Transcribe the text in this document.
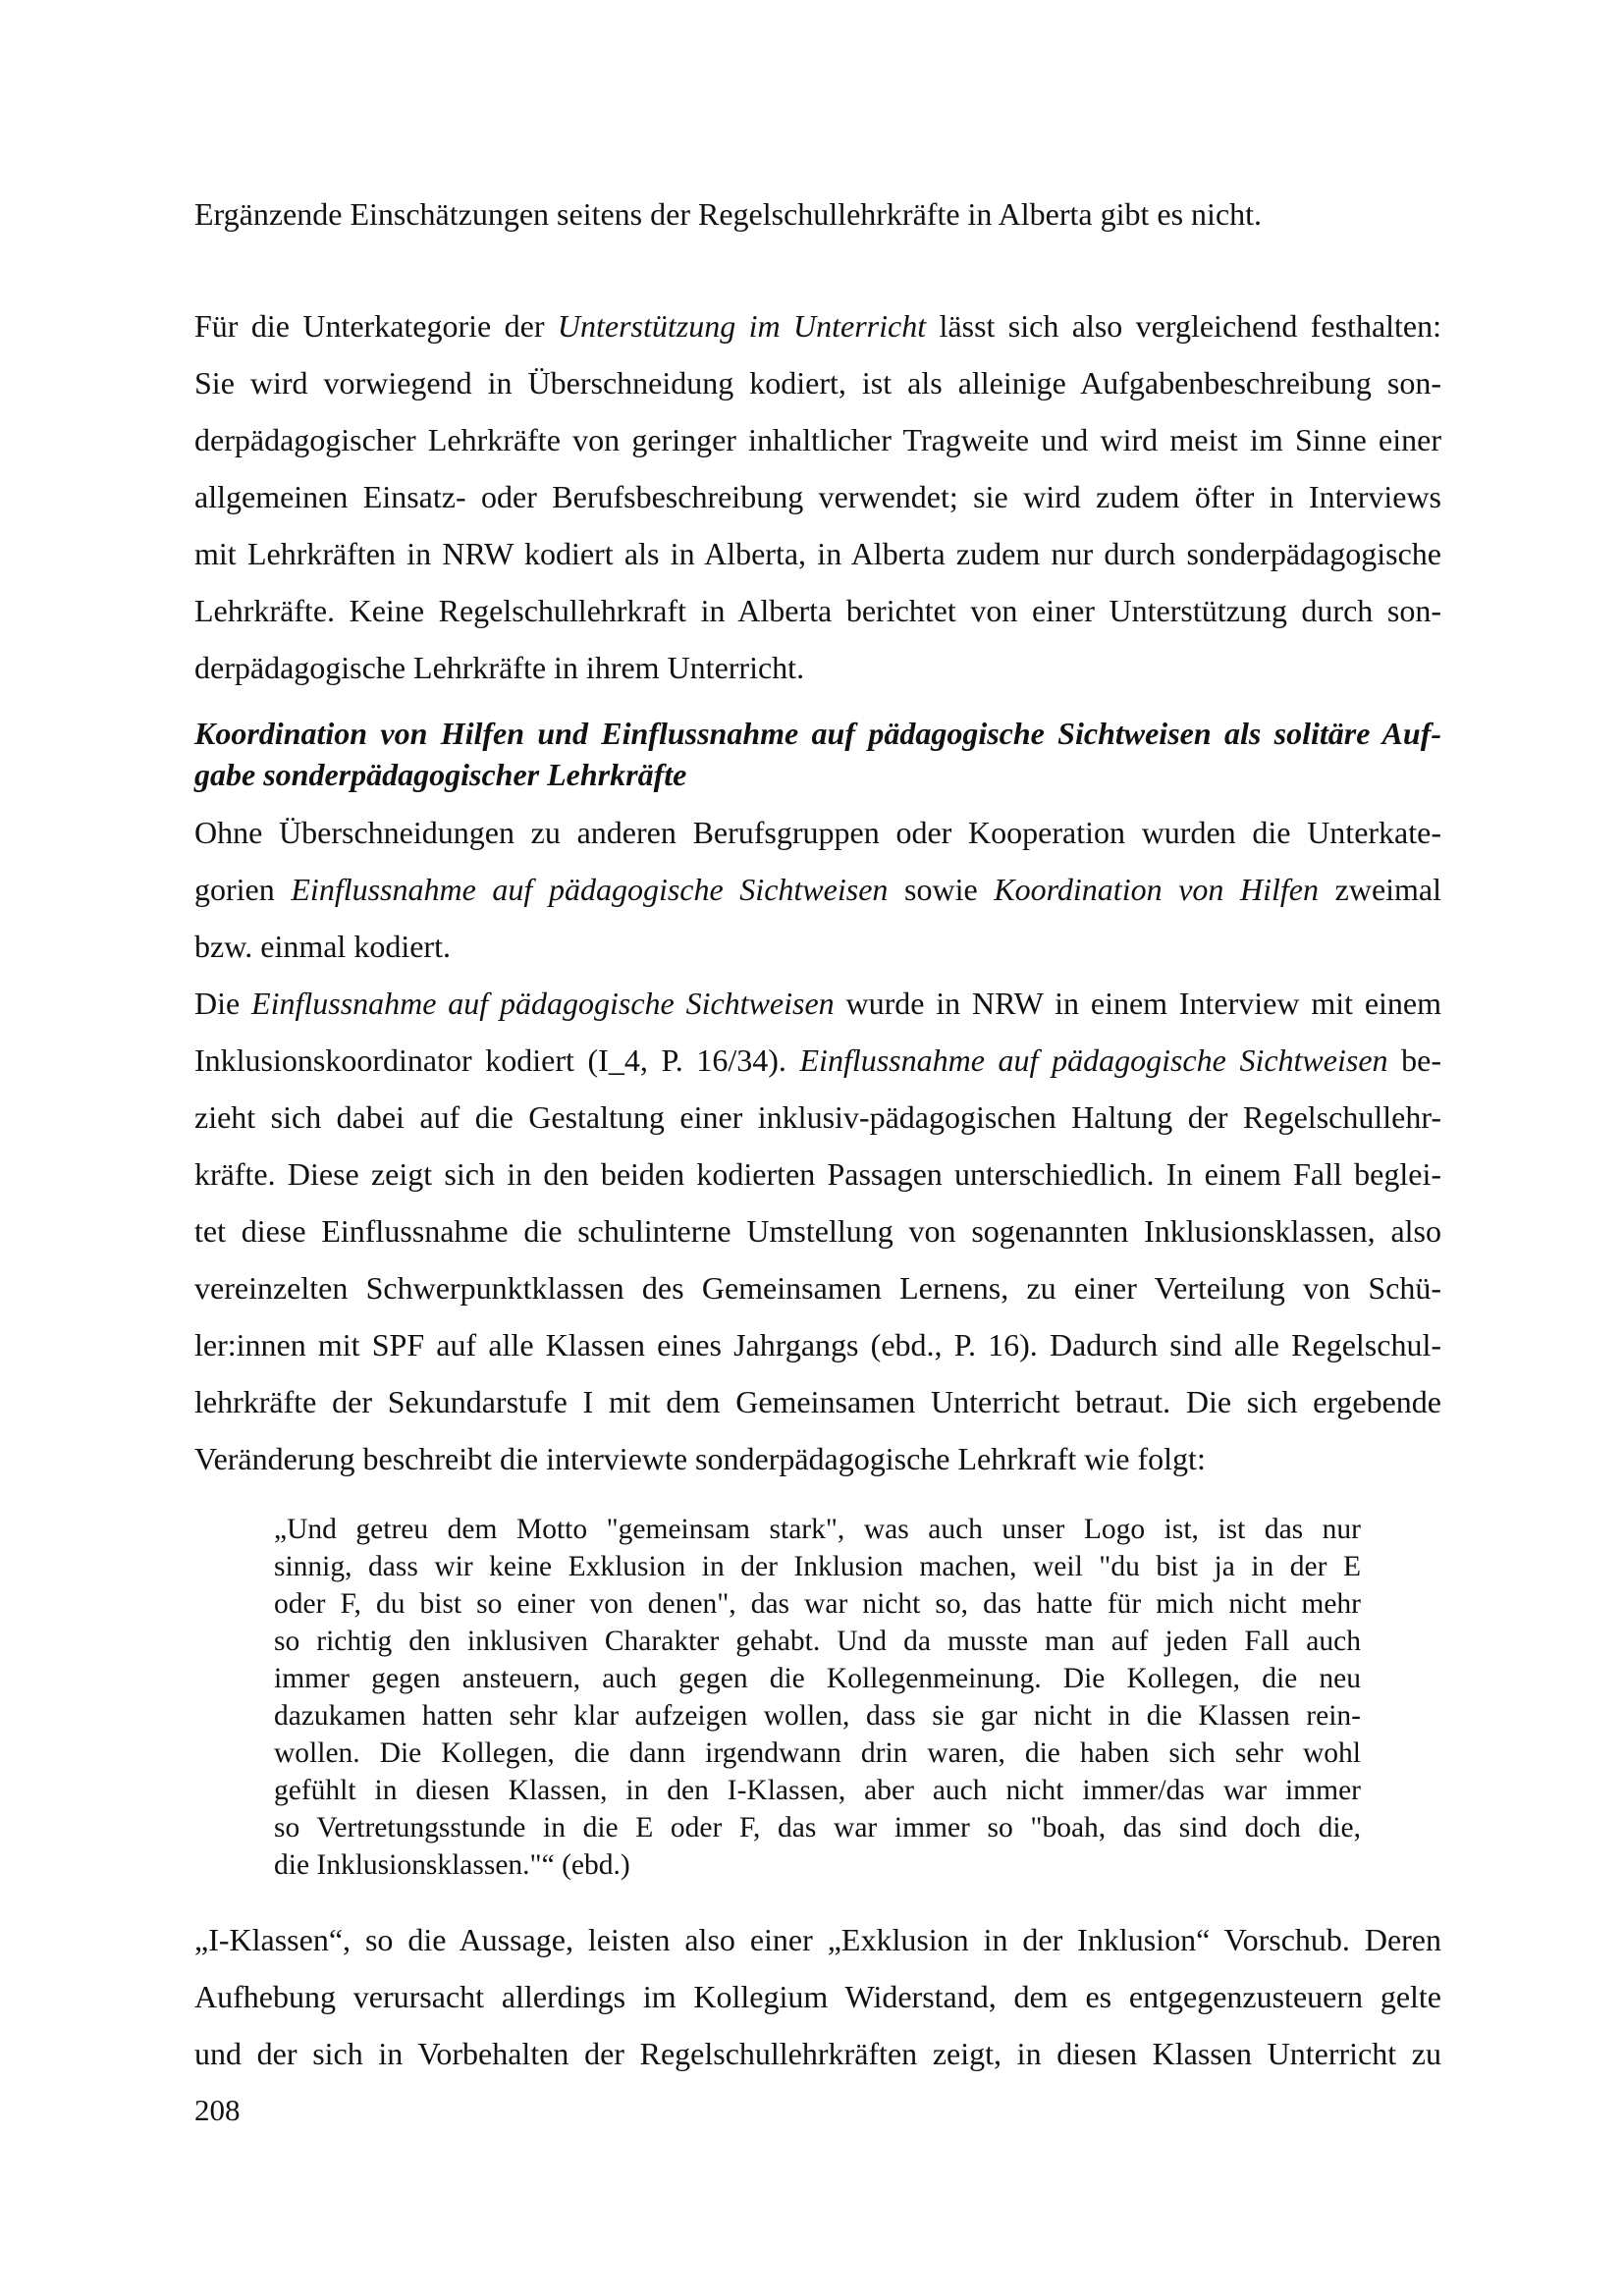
Ergänzende Einschätzungen seitens der Regelschullehrkräfte in Alberta gibt es nicht.
Für die Unterkategorie der Unterstützung im Unterricht lässt sich also vergleichend festhalten:
Sie wird vorwiegend in Überschneidung kodiert, ist als alleinige Aufgabenbeschreibung son-
derpädagogischer Lehrkräfte von geringer inhaltlicher Tragweite und wird meist im Sinne einer
allgemeinen Einsatz- oder Berufsbeschreibung verwendet; sie wird zudem öfter in Interviews
mit Lehrkräften in NRW kodiert als in Alberta, in Alberta zudem nur durch sonderpädagogische
Lehrkräfte. Keine Regelschullehrkraft in Alberta berichtet von einer Unterstützung durch son-
derpädagogische Lehrkräfte in ihrem Unterricht.
Koordination von Hilfen und Einflussnahme auf pädagogische Sichtweisen als solitäre Auf-
gabe sonderpädagogischer Lehrkräfte
Ohne Überschneidungen zu anderen Berufsgruppen oder Kooperation wurden die Unterkate-
gorien Einflussnahme auf pädagogische Sichtweisen sowie Koordination von Hilfen zweimal
bzw. einmal kodiert.
Die Einflussnahme auf pädagogische Sichtweisen wurde in NRW in einem Interview mit einem
Inklusionskoordinator kodiert (I_4, P. 16/34). Einflussnahme auf pädagogische Sichtweisen be-
zieht sich dabei auf die Gestaltung einer inklusiv-pädagogischen Haltung der Regelschullehr-
kräfte. Diese zeigt sich in den beiden kodierten Passagen unterschiedlich. In einem Fall beglei-
tet diese Einflussnahme die schulinterne Umstellung von sogenannten Inklusionsklassen, also
vereinzelten Schwerpunktklassen des Gemeinsamen Lernens, zu einer Verteilung von Schü-
ler:innen mit SPF auf alle Klassen eines Jahrgangs (ebd., P. 16). Dadurch sind alle Regelschul-
lehrkräfte der Sekundarstufe I mit dem Gemeinsamen Unterricht betraut. Die sich ergebende
Veränderung beschreibt die interviewte sonderpädagogische Lehrkraft wie folgt:
„Und getreu dem Motto "gemeinsam stark", was auch unser Logo ist, ist das nur
sinnig, dass wir keine Exklusion in der Inklusion machen, weil "du bist ja in der E
oder F, du bist so einer von denen", das war nicht so, das hatte für mich nicht mehr
so richtig den inklusiven Charakter gehabt. Und da musste man auf jeden Fall auch
immer gegen ansteuern, auch gegen die Kollegenmeinung. Die Kollegen, die neu
dazukamen hatten sehr klar aufzeigen wollen, dass sie gar nicht in die Klassen rein-
wollen. Die Kollegen, die dann irgendwann drin waren, die haben sich sehr wohl
gefühlt in diesen Klassen, in den I-Klassen, aber auch nicht immer/das war immer
so Vertretungsstunde in die E oder F, das war immer so "boah, das sind doch die,
die Inklusionsklassen."“ (ebd.)
„I-Klassen“, so die Aussage, leisten also einer „Exklusion in der Inklusion“ Vorschub. Deren
Aufhebung verursacht allerdings im Kollegium Widerstand, dem es entgegenzusteuern gelte
und der sich in Vorbehalten der Regelschullehrkräften zeigt, in diesen Klassen Unterricht zu
208
